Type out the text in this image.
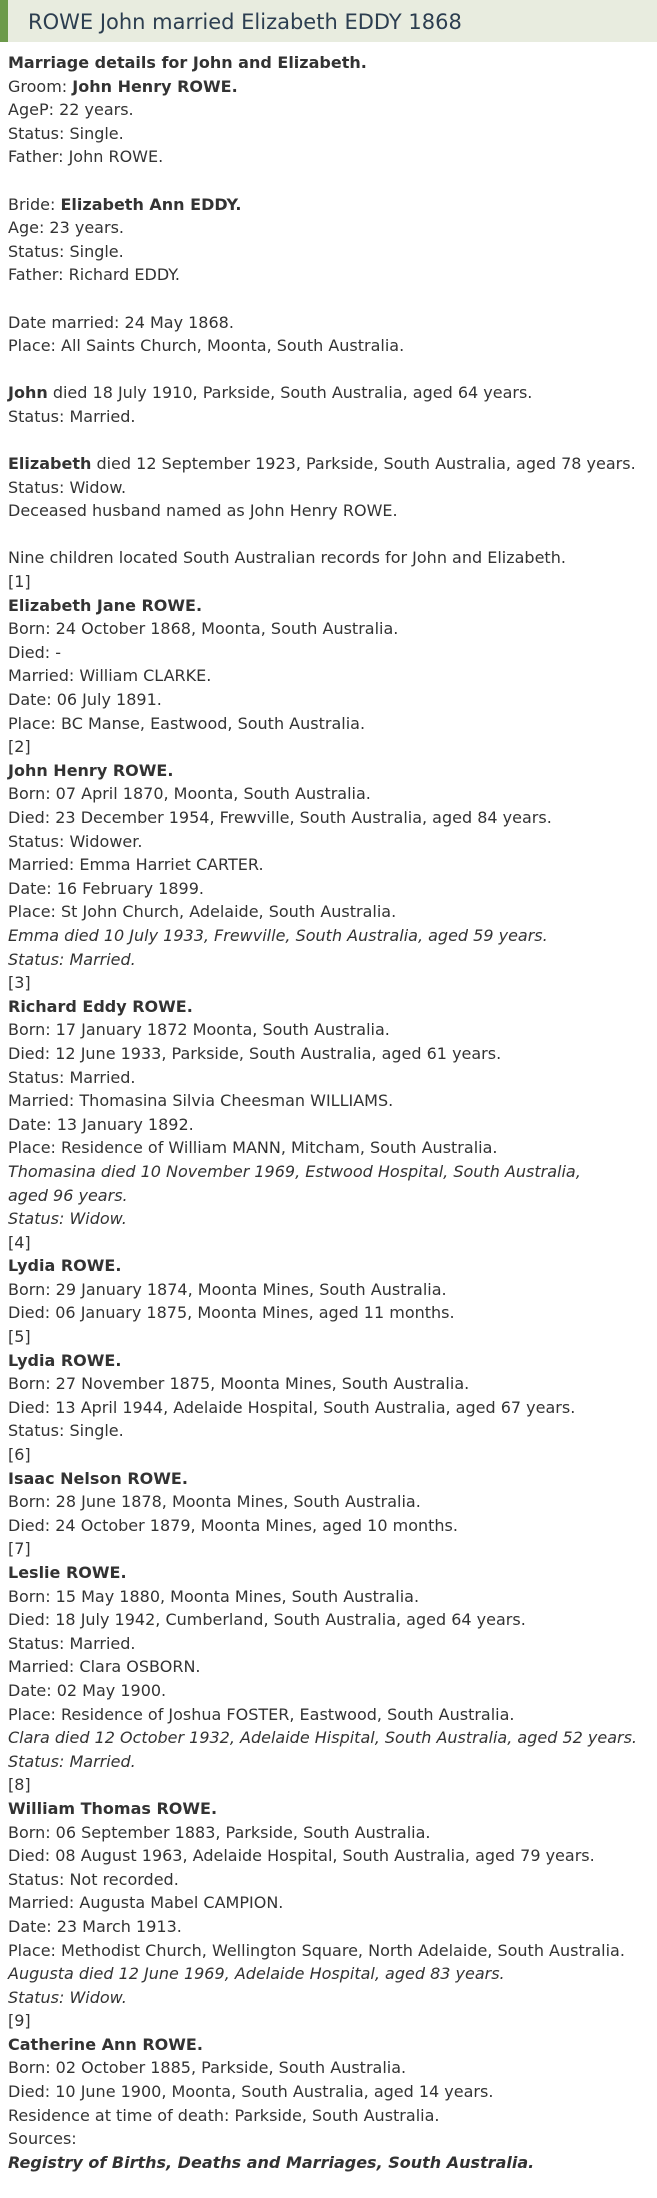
ROWE John married Elizabeth EDDY 1868
Marriage details for John and Elizabeth.
Groom: John Henry ROWE.
AgeP: 22 years.
Status: Single.
Father: John ROWE.
Bride: Elizabeth Ann EDDY.
Age: 23 years.
Status: Single.
Father: Richard EDDY.
Date married: 24 May 1868.
Place: All Saints Church, Moonta, South Australia.
John died 18 July 1910, Parkside, South Australia, aged 64 years.
Status: Married.
Elizabeth died 12 September 1923, Parkside, South Australia, aged 78 years.
Status: Widow.
Deceased husband named as John Henry ROWE.
Nine children located South Australian records for John and Elizabeth.
[1]
Elizabeth Jane ROWE.
Born: 24 October 1868, Moonta, South Australia.
Died: -
Married: William CLARKE.
Date: 06 July 1891.
Place: BC Manse, Eastwood, South Australia.
[2]
John Henry ROWE.
Born: 07 April 1870, Moonta, South Australia.
Died: 23 December 1954, Frewville, South Australia, aged 84 years.
Status: Widower.
Married: Emma Harriet CARTER.
Date: 16 February 1899.
Place: St John Church, Adelaide, South Australia.
Emma died 10 July 1933, Frewville, South Australia, aged 59 years.
Status: Married.
[3]
Richard Eddy ROWE.
Born: 17 January 1872 Moonta, South Australia.
Died: 12 June 1933, Parkside, South Australia, aged 61 years.
Status: Married.
Married: Thomasina Silvia Cheesman WILLIAMS.
Date: 13 January 1892.
Place: Residence of William MANN, Mitcham, South Australia.
Thomasina died 10 November 1969, Estwood Hospital, South Australia,
aged 96 years.
Status: Widow.
[4]
Lydia ROWE.
Born: 29 January 1874, Moonta Mines, South Australia.
Died: 06 January 1875, Moonta Mines, aged 11 months.
[5]
Lydia ROWE.
Born: 27 November 1875, Moonta Mines, South Australia.
Died: 13 April 1944, Adelaide Hospital, South Australia, aged 67 years.
Status: Single.
[6]
Isaac Nelson ROWE.
Born: 28 June 1878, Moonta Mines, South Australia.
Died: 24 October 1879, Moonta Mines, aged 10 months.
[7]
Leslie ROWE.
Born: 15 May 1880, Moonta Mines, South Australia.
Died: 18 July 1942, Cumberland, South Australia, aged 64 years.
Status: Married.
Married: Clara OSBORN.
Date: 02 May 1900.
Place: Residence of Joshua FOSTER, Eastwood, South Australia.
Clara died 12 October 1932, Adelaide Hispital, South Australia, aged 52 years.
Status: Married.
[8]
William Thomas ROWE.
Born: 06 September 1883, Parkside, South Australia.
Died: 08 August 1963, Adelaide Hospital, South Australia, aged 79 years.
Status: Not recorded.
Married: Augusta Mabel CAMPION.
Date: 23 March 1913.
Place: Methodist Church, Wellington Square, North Adelaide, South Australia.
Augusta died 12 June 1969, Adelaide Hospital, aged 83 years.
Status: Widow.
[9]
Catherine Ann ROWE.
Born: 02 October 1885, Parkside, South Australia.
Died: 10 June 1900, Moonta, South Australia, aged 14 years.
Residence at time of death: Parkside, South Australia.
Sources:
Registry of Births, Deaths and Marriages, South Australia.
